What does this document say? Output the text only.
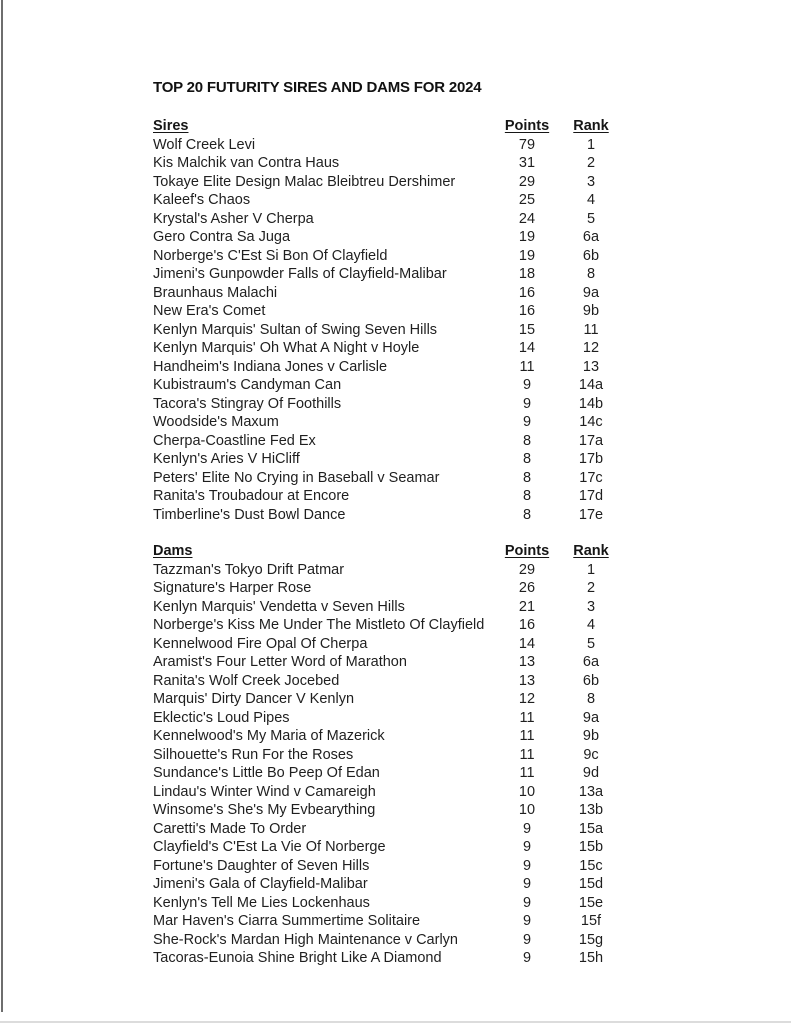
TOP 20 FUTURITY SIRES AND DAMS FOR 2024
Sires	Points	Rank
Wolf Creek Levi	79	1
Kis Malchik van Contra Haus	31	2
Tokaye Elite Design Malac Bleibtreu Dershimer	29	3
Kaleef's Chaos	25	4
Krystal's Asher V Cherpa	24	5
Gero Contra Sa Juga	19	6a
Norberge's C'Est Si Bon Of Clayfield	19	6b
Jimeni's Gunpowder Falls of Clayfield-Malibar	18	8
Braunhaus Malachi	16	9a
New Era's Comet	16	9b
Kenlyn Marquis' Sultan of Swing Seven Hills	15	11
Kenlyn Marquis' Oh What A Night v Hoyle	14	12
Handheim's Indiana Jones v Carlisle	11	13
Kubistraum's Candyman Can	9	14a
Tacora's Stingray Of Foothills	9	14b
Woodside's Maxum	9	14c
Cherpa-Coastline Fed Ex	8	17a
Kenlyn's Aries V HiCliff	8	17b
Peters' Elite No Crying in Baseball v Seamar	8	17c
Ranita's Troubadour at Encore	8	17d
Timberline's Dust Bowl Dance	8	17e
Dams	Points	Rank
Tazzman's Tokyo Drift Patmar	29	1
Signature's Harper Rose	26	2
Kenlyn Marquis' Vendetta v Seven Hills	21	3
Norberge's Kiss Me Under The Mistleto Of Clayfield	16	4
Kennelwood Fire Opal Of Cherpa	14	5
Aramist's Four Letter Word of Marathon	13	6a
Ranita's Wolf Creek Jocebed	13	6b
Marquis' Dirty Dancer V Kenlyn	12	8
Eklectic's Loud Pipes	11	9a
Kennelwood's My Maria of Mazerick	11	9b
Silhouette's Run For the Roses	11	9c
Sundance's Little Bo Peep Of Edan	11	9d
Lindau's Winter Wind v Camareigh	10	13a
Winsome's She's My Evbearything	10	13b
Caretti's Made To Order	9	15a
Clayfield's C'Est La Vie Of Norberge	9	15b
Fortune's Daughter of Seven Hills	9	15c
Jimeni's Gala of Clayfield-Malibar	9	15d
Kenlyn's Tell Me Lies Lockenhaus	9	15e
Mar Haven's Ciarra Summertime Solitaire	9	15f
She-Rock's Mardan High Maintenance v Carlyn	9	15g
Tacoras-Eunoia Shine Bright Like A Diamond	9	15h
